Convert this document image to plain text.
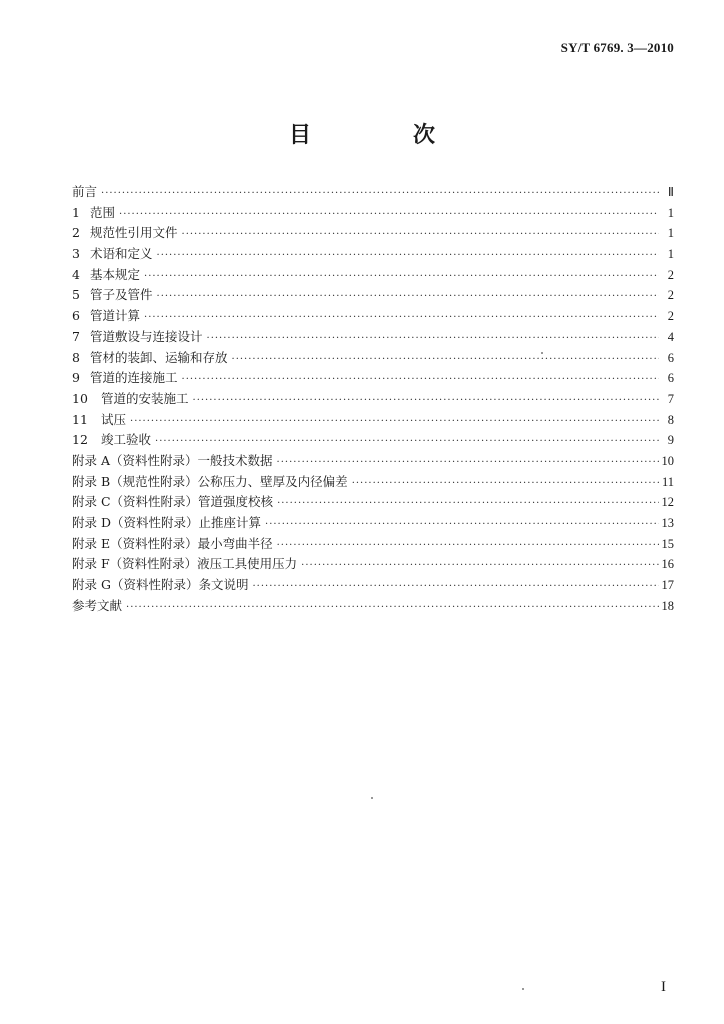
SY/T 6769. 3—2010
目　次
前言 ·····	Ⅱ
1 范围 ·····	1
2 规范性引用文件 ·····	1
3 术语和定义 ·····	1
4 基本规定 ·····	2
5 管子及管件 ·····	2
6 管道计算 ·····	2
7 管道敷设与连接设计 ·····	4
8 管材的装卸、运输和存放 ·····	6
9 管道的连接施工 ·····	6
10	管道的安装施工 ·····	7
11	试压 ·····	8
12	竣工验收 ·····	9
附录 A（资料性附录） 一般技术数据 ·····	10
附录 B（规范性附录） 公称压力、壁厚及内径偏差 ·····	11
附录 C（资料性附录） 管道强度校核 ·····	12
附录 D（资料性附录） 止推座计算 ·····	13
附录 E（资料性附录） 最小弯曲半径 ·····	15
附录 F（资料性附录） 液压工具使用压力 ·····	16
附录 G（资料性附录） 条文说明 ·····	17
参考文献 ·····	18
I
